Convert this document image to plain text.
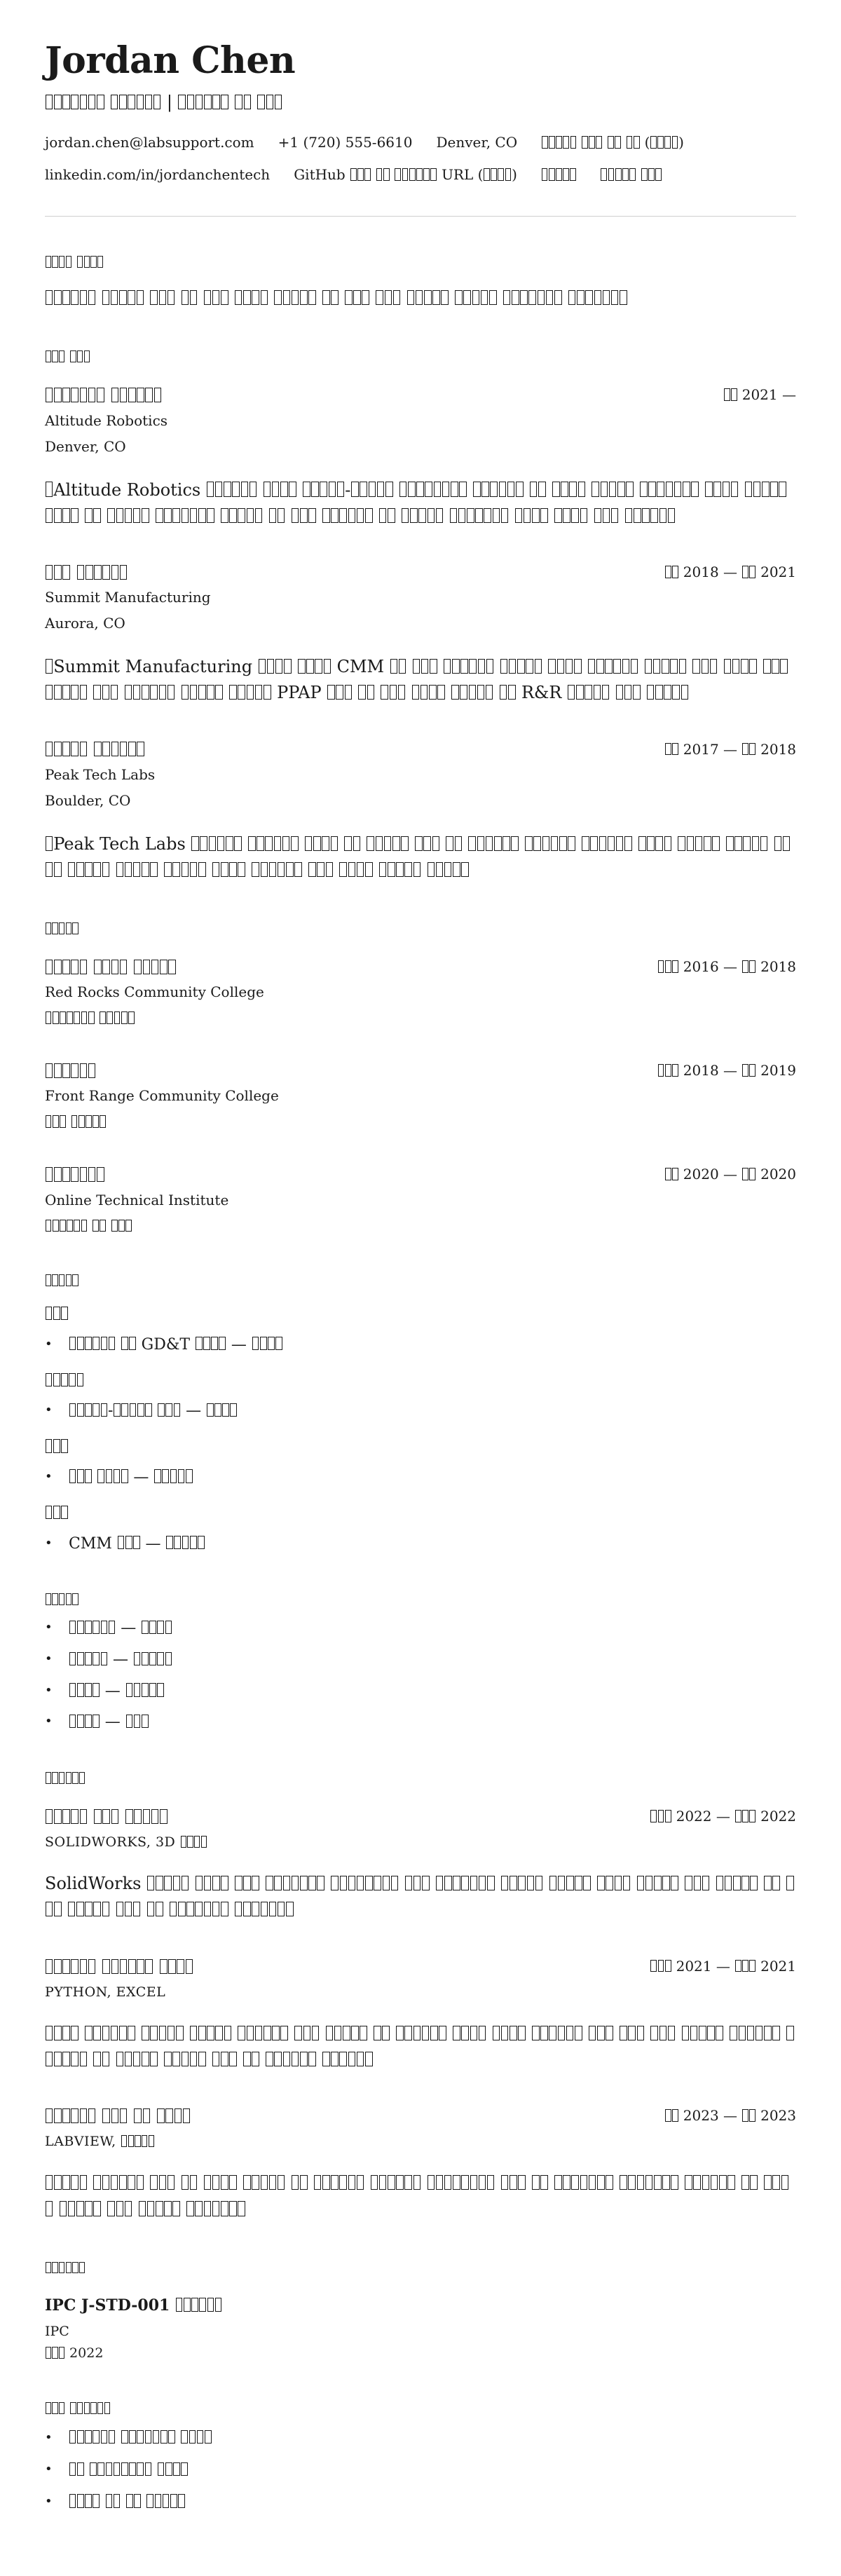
Jordan Chen
|
jordan.chen@labsupport.com +1 (720) 555-6610 Denver, CO	( )
linkedin.com/in/jordanchentech GitHub	URL ( )

2021 —
Altitude Robotics
Denver, CO

Altitude Robotics	-

2018 —  2021
Summit Manufacturing
Aurora, CO

Summit Manufacturing	CMM                PPAP	R&R

2017 —  2018
Peak Tech Labs
Boulder, CO

Peak Tech Labs

2016 —  2018
Red Rocks Community College

2018 —  2019
Front Range Community College

2020 —  2020
Online Technical Institute

•	GD&T  —
•	-	—
•	—
•	CMM  —
•	—
•	—
•	—
•	—

2022 —  2022
SOLIDWORKS, 3D

SolidWorks

2021 —  2021
PYTHON, EXCEL

2023 —  2023
LABVIEW,

IPC J-STD-001
IPC
2022

•

•

•
